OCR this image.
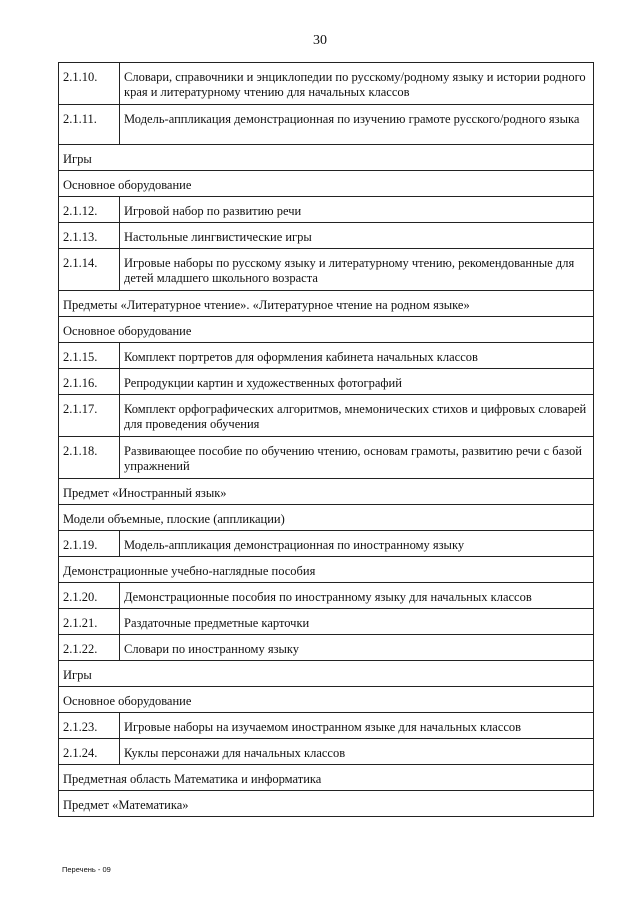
30
2.1.10.	Словари, справочники и энциклопедии по русскому/родному языку и истории родного края и литературному чтению для начальных классов
2.1.11.	Модель-аппликация демонстрационная по изучению грамоте русского/родного языка
Игры	
Основное оборудование	
2.1.12.	Игровой набор по развитию речи
2.1.13.	Настольные лингвистические игры
2.1.14.	Игровые наборы по русскому языку и литературному чтению, рекомендованные для детей младшего школьного возраста
Предметы «Литературное чтение». «Литературное чтение на родном языке»	
Основное оборудование	
2.1.15.	Комплект портретов для оформления кабинета начальных классов
2.1.16.	Репродукции картин и художественных фотографий
2.1.17.	Комплект орфографических алгоритмов, мнемонических стихов и цифровых словарей для проведения обучения
2.1.18.	Развивающее пособие по обучению чтению, основам грамоты, развитию речи с базой упражнений
Предмет «Иностранный язык»	
Модели объемные, плоские (аппликации)	
2.1.19.	Модель-аппликация демонстрационная по иностранному языку
Демонстрационные учебно-наглядные пособия	
2.1.20.	Демонстрационные пособия по иностранному языку для начальных классов
2.1.21.	Раздаточные предметные карточки
2.1.22.	Словари по иностранному языку
Игры	
Основное оборудование	
2.1.23.	Игровые наборы на изучаемом иностранном языке для начальных классов
2.1.24.	Куклы персонажи для начальных классов
Предметная область Математика и информатика	
Предмет «Математика»	
Перечень - 09
